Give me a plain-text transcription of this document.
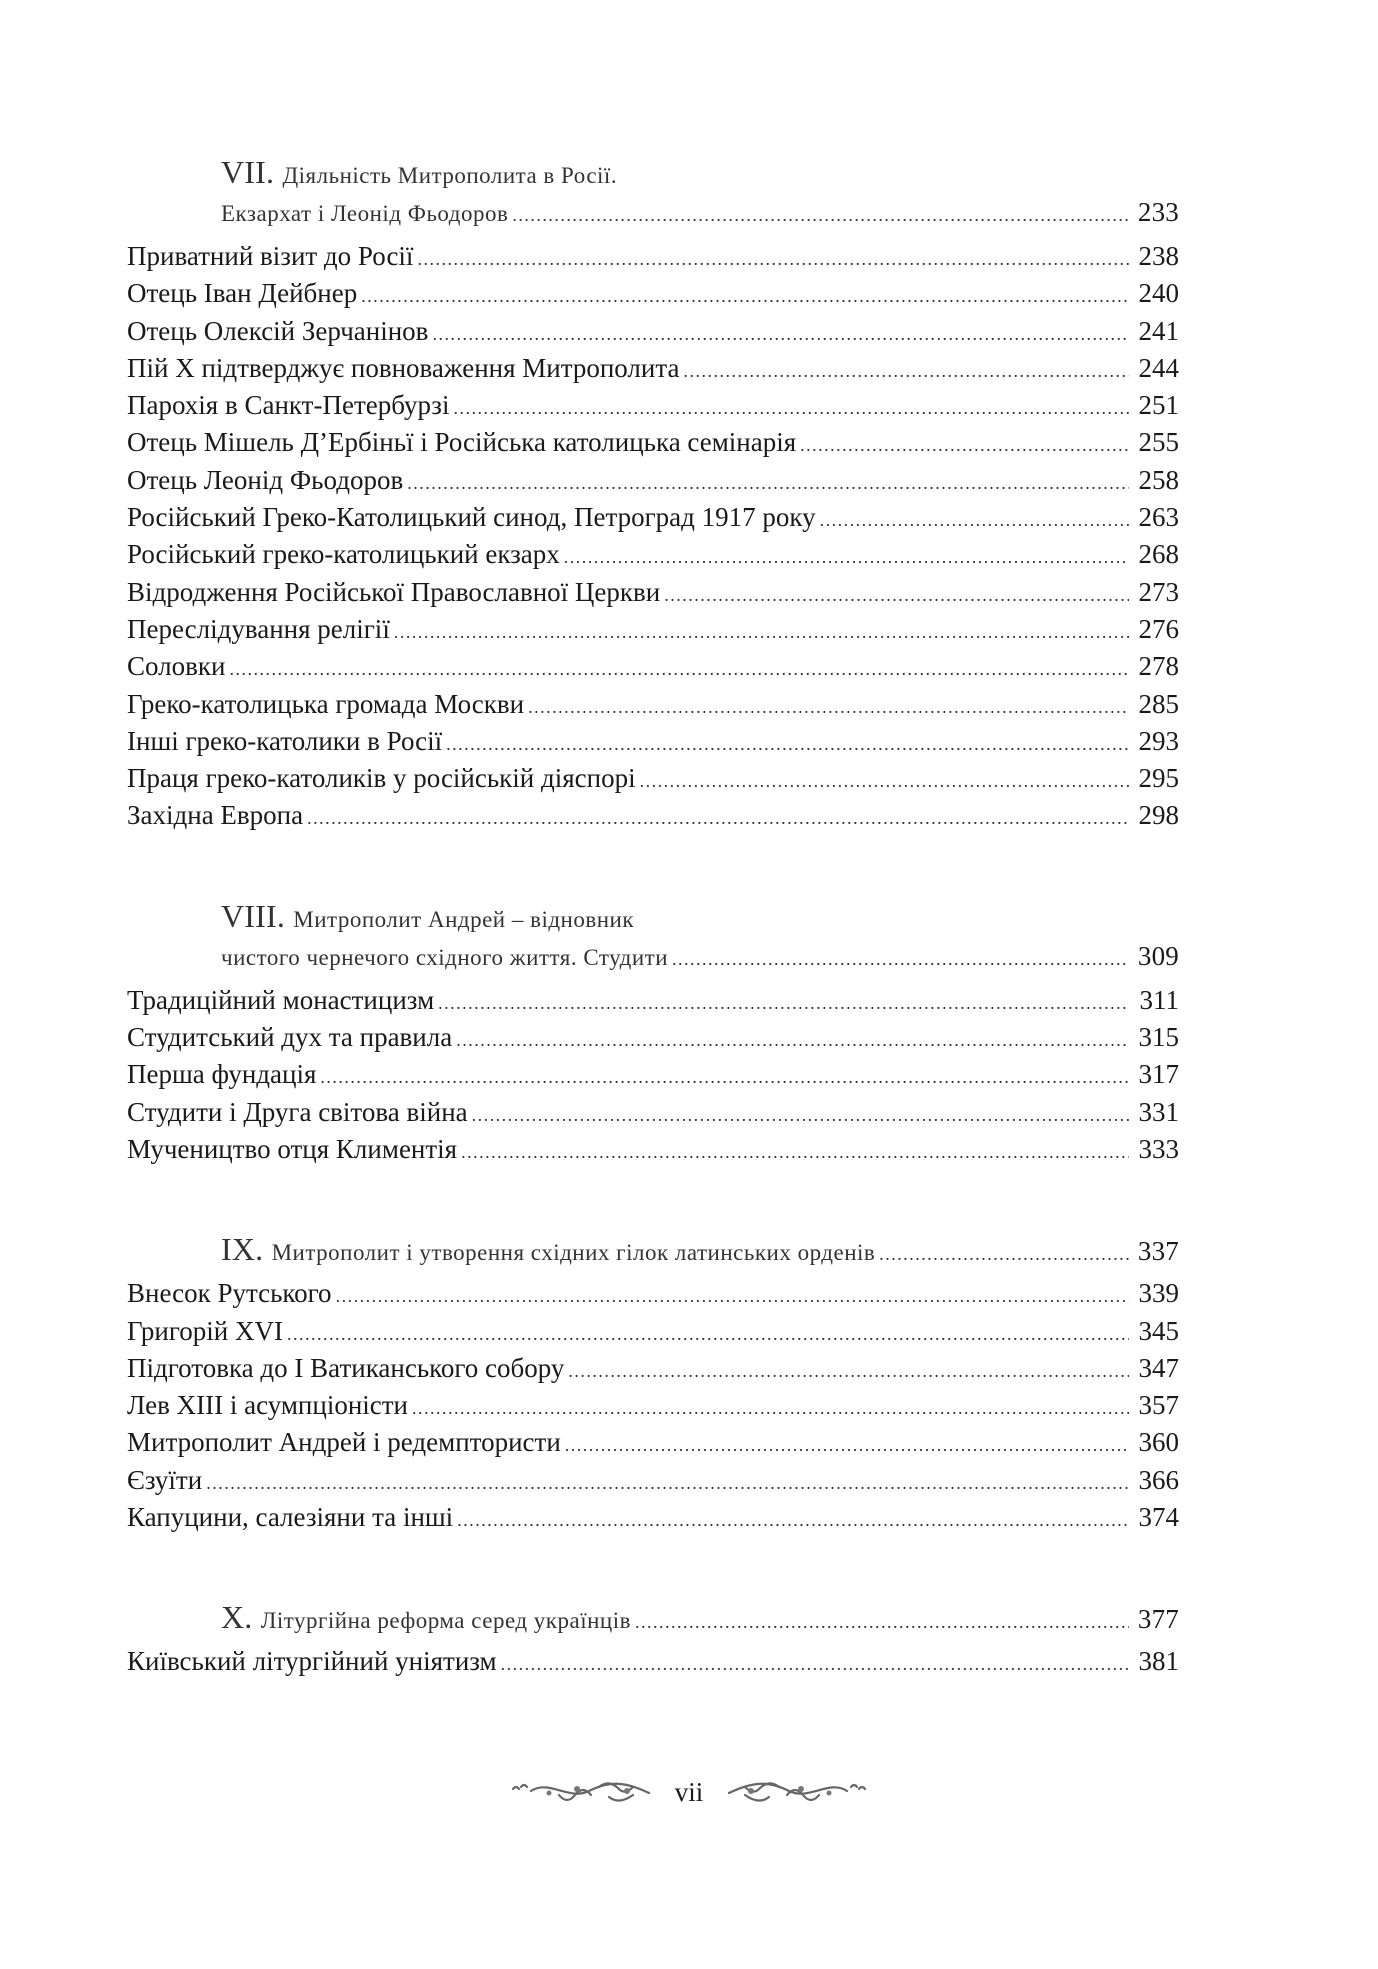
VII. Діяльність Митрополита в Росії.
Екзархат і Леонід Фьодоров .....	233
Приватний візит до Росії .....	238
Отець Іван Дейбнер .....	240
Отець Олексій Зерчанінов .....	241
Пій Х підтверджує повноваження Митрополита .....	244
Парохія в Санкт-Петербурзі .....	251
Отець Мішель Д’Ербіньї і Російська католицька семінарія .....	255
Отець Леонід Фьодоров .....	258
Російський Греко-Католицький синод, Петроград 1917 року .....	263
Російський греко-католицький екзарх .....	268
Відродження Російської Православної Церкви .....	273
Переслідування релігії .....	276
Соловки .....	278
Греко-католицька громада Москви .....	285
Інші греко-католики в Росії .....	293
Праця греко-католиків у російській діяспорі .....	295
Західна Европа .....	298
VIII. Митрополит Андрей – відновник
чистого чернечого східного життя. Студити .....	309
Традиційний монастицизм .....	311
Студитський дух та правила .....	315
Перша фундація .....	317
Студити і Друга світова війна .....	331
Мучеництво отця Климентія .....	333
IX. Митрополит і утворення східних гілок латинських орденів .....	337
Внесок Рутського .....	339
Григорій XVI .....	345
Підготовка до І Ватиканського собору .....	347
Лев XIII і асумпціоністи .....	357
Митрополит Андрей і редемптористи .....	360
Єзуїти .....	366
Капуцини, салезіяни та інші .....	374
X. Літургійна реформа серед українців .....	377
Київський літургійний уніятизм .....	381
vii
